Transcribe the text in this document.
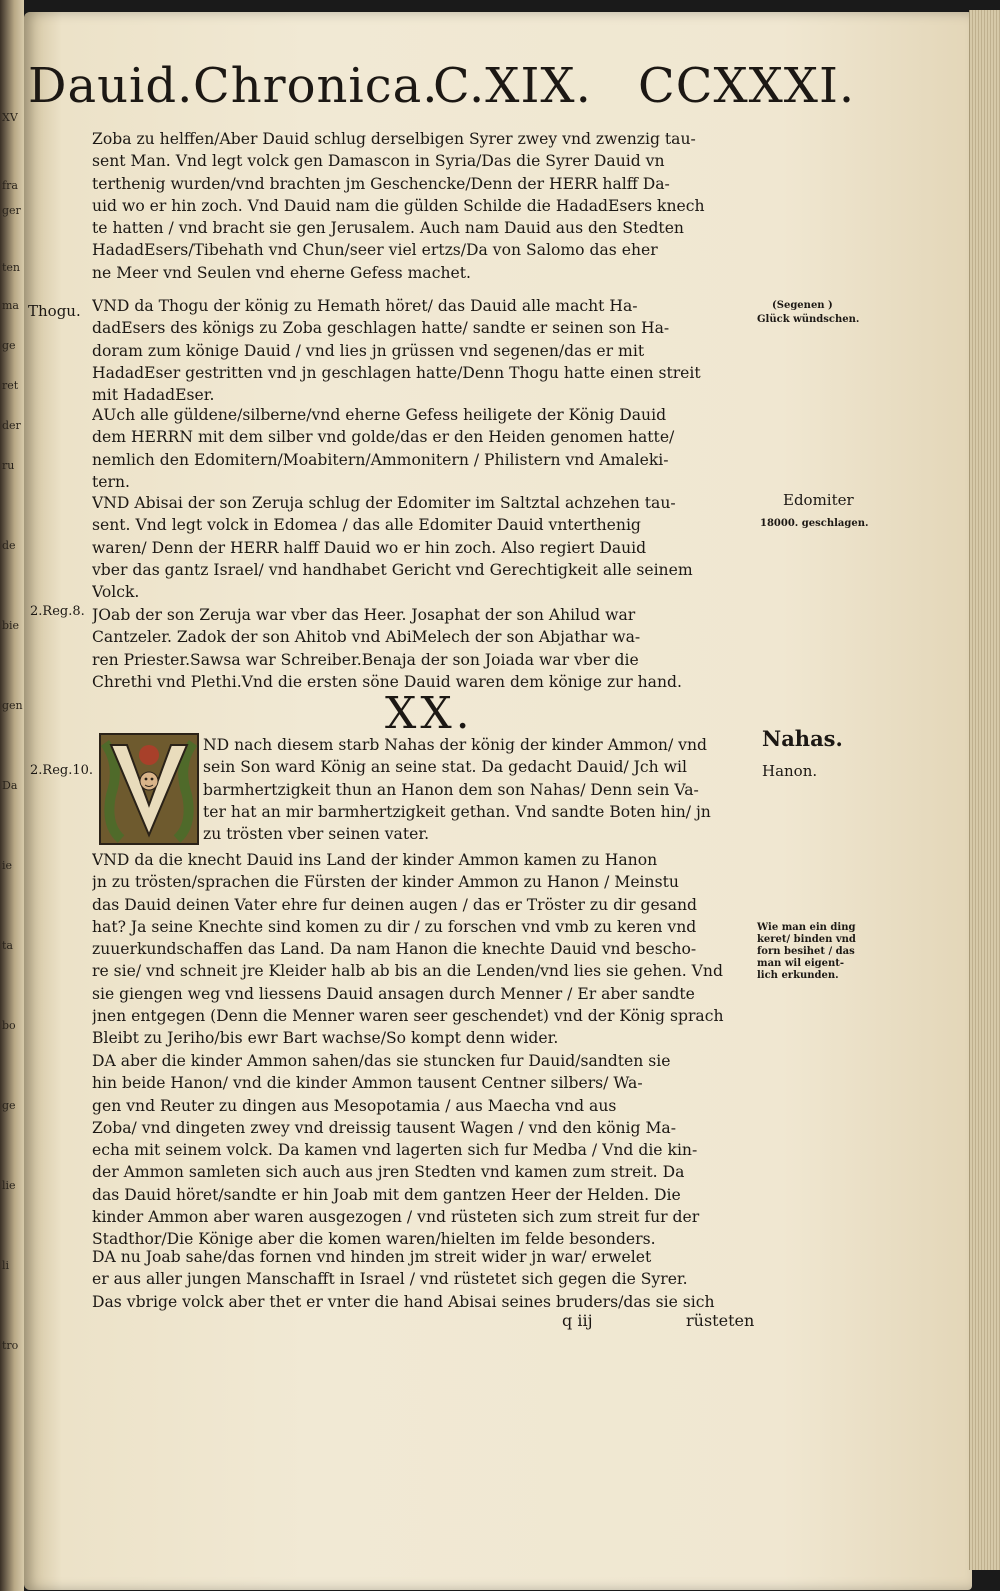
XV
fra
ger
ten
ma
ge
ret
der
ru
de
bie
gen
Da
ie
ta
bo
ge
lie
li
tro
Dauid. Chronica.
C.XIX. CCXXXI.
Zoba zu helffen/Aber Dauid schlug derselbigen Syrer zwey vnd zwenzig tau-
sent Man. Vnd legt volck gen Damascon in Syria/Das die Syrer Dauid vn
terthenig wurden/vnd brachten jm Geschencke/Denn der HERR halff Da-
uid wo er hin zoch. Vnd Dauid nam die gülden Schilde die HadadEsers knech
te hatten / vnd bracht sie gen Jerusalem. Auch nam Dauid aus den Stedten
HadadEsers/Tibehath vnd Chun/seer viel ertzs/Da von Salomo das eher
ne Meer vnd Seulen vnd eherne Gefess machet.
VND da Thogu der könig zu Hemath höret/ das Dauid alle macht Ha-
dadEsers des königs zu Zoba geschlagen hatte/ sandte er seinen son Ha-
doram zum könige Dauid / vnd lies jn grüssen vnd segenen/das er mit
HadadEser gestritten vnd jn geschlagen hatte/Denn Thogu hatte einen streit
mit HadadEser.
AUch alle güldene/silberne/vnd eherne Gefess heiligete der König Dauid
dem HERRN mit dem silber vnd golde/das er den Heiden genomen hatte/
nemlich den Edomitern/Moabitern/Ammonitern / Philistern vnd Amaleki-
tern.
VND Abisai der son Zeruja schlug der Edomiter im Saltztal achzehen tau-
sent. Vnd legt volck in Edomea / das alle Edomiter Dauid vnterthenig
waren/ Denn der HERR halff Dauid wo er hin zoch. Also regiert Dauid
vber das gantz Israel/ vnd handhabet Gericht vnd Gerechtigkeit alle seinem
Volck.
JOab der son Zeruja war vber das Heer. Josaphat der son Ahilud war
Cantzeler. Zadok der son Ahitob vnd AbiMelech der son Abjathar wa-
ren Priester.Sawsa war Schreiber.Benaja der son Joiada war vber die
Chrethi vnd Plethi.Vnd die ersten söne Dauid waren dem könige zur hand.
XX.
ND nach diesem starb Nahas der könig der kinder Ammon/ vnd
sein Son ward König an seine stat. Da gedacht Dauid/ Jch wil
barmhertzigkeit thun an Hanon dem son Nahas/ Denn sein Va-
ter hat an mir barmhertzigkeit gethan. Vnd sandte Boten hin/ jn
zu trösten vber seinen vater.
VND da die knecht Dauid ins Land der kinder Ammon kamen zu Hanon
jn zu trösten/sprachen die Fürsten der kinder Ammon zu Hanon / Meinstu
das Dauid deinen Vater ehre fur deinen augen / das er Tröster zu dir gesand
hat? Ja seine Knechte sind komen zu dir / zu forschen vnd vmb zu keren vnd
zuuerkundschaffen das Land. Da nam Hanon die knechte Dauid vnd bescho-
re sie/ vnd schneit jre Kleider halb ab bis an die Lenden/vnd lies sie gehen. Vnd
sie giengen weg vnd liessens Dauid ansagen durch Menner / Er aber sandte
jnen entgegen (Denn die Menner waren seer geschendet) vnd der König sprach
Bleibt zu Jeriho/bis ewr Bart wachse/So kompt denn wider.
DA aber die kinder Ammon sahen/das sie stuncken fur Dauid/sandten sie
hin beide Hanon/ vnd die kinder Ammon tausent Centner silbers/ Wa-
gen vnd Reuter zu dingen aus Mesopotamia / aus Maecha vnd aus
Zoba/ vnd dingeten zwey vnd dreissig tausent Wagen / vnd den könig Ma-
echa mit seinem volck. Da kamen vnd lagerten sich fur Medba / Vnd die kin-
der Ammon samleten sich auch aus jren Stedten vnd kamen zum streit. Da
das Dauid höret/sandte er hin Joab mit dem gantzen Heer der Helden. Die
kinder Ammon aber waren ausgezogen / vnd rüsteten sich zum streit fur der
Stadthor/Die Könige aber die komen waren/hielten im felde besonders.
DA nu Joab sahe/das fornen vnd hinden jm streit wider jn war/ erwelet
er aus aller jungen Manschafft in Israel / vnd rüstetet sich gegen die Syrer.
Das vbrige volck aber thet er vnter die hand Abisai seines bruders/das sie sich
Thogu.
2.Reg.8.
2.Reg.10.
(Segenen )
Glück wündschen.
Edomiter
18000. geschlagen.
Nahas.
Hanon.
Wie man ein ding
keret/ binden vnd
forn besihet / das
man wil eigent-
lich erkunden.
q iij	rüsteten
